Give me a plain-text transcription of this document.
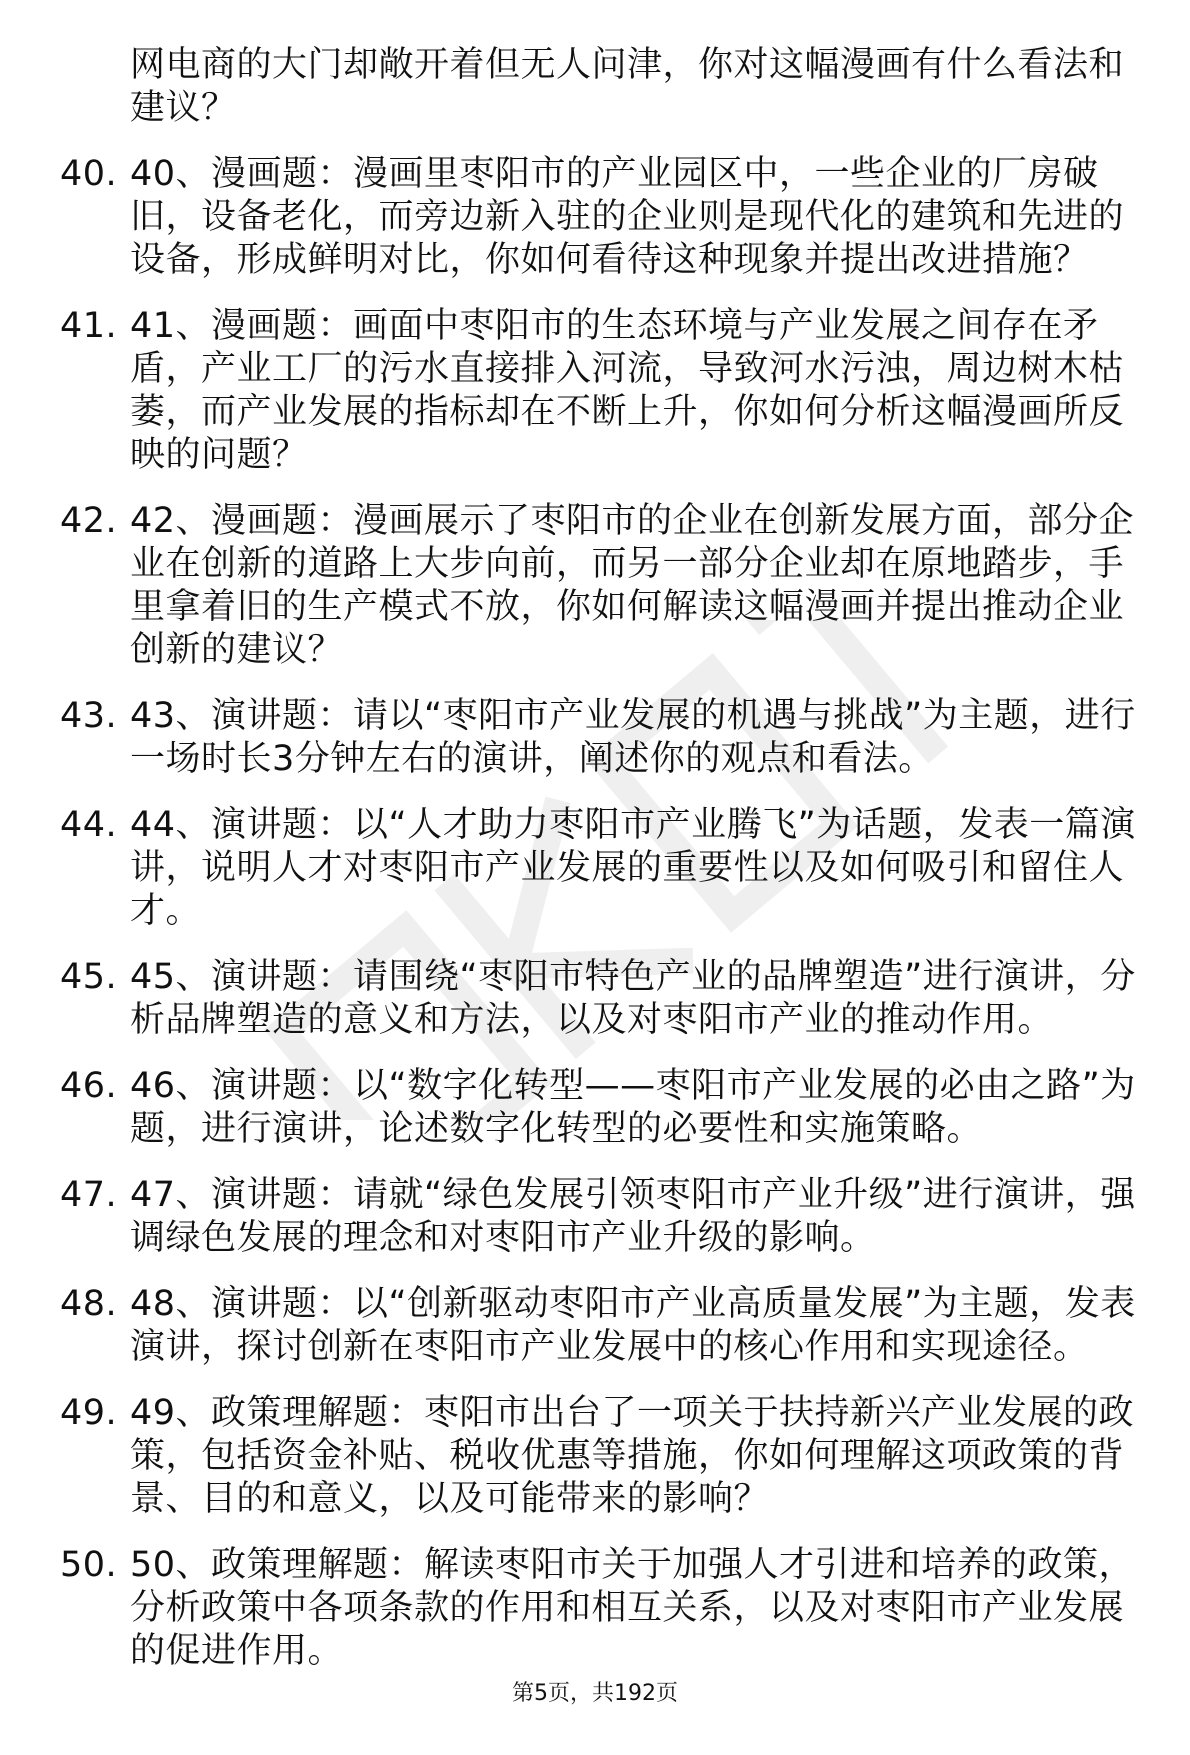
网电商的大门却敞开着但无人问津，你对这幅漫画有什么看法和建议？

40. 40、漫画题：漫画里枣阳市的产业园区中，一些企业的厂房破旧，设备老化，而旁边新入驻的企业则是现代化的建筑和先进的设备，形成鲜明对比，你如何看待这种现象并提出改进措施？
41. 41、漫画题：画面中枣阳市的生态环境与产业发展之间存在矛盾，产业工厂的污水直接排入河流，导致河水污浊，周边树木枯萎，而产业发展的指标却在不断上升，你如何分析这幅漫画所反映的问题？
42. 42、漫画题：漫画展示了枣阳市的企业在创新发展方面，部分企业在创新的道路上大步向前，而另一部分企业却在原地踏步，手里拿着旧的生产模式不放，你如何解读这幅漫画并提出推动企业创新的建议？
43. 43、演讲题：请以“枣阳市产业发展的机遇与挑战”为主题，进行一场时长3分钟左右的演讲，阐述你的观点和看法。
44. 44、演讲题：以“人才助力枣阳市产业腾飞”为话题，发表一篇演讲，说明人才对枣阳市产业发展的重要性以及如何吸引和留住人才。
45. 45、演讲题：请围绕“枣阳市特色产业的品牌塑造”进行演讲，分析品牌塑造的意义和方法，以及对枣阳市产业的推动作用。
46. 46、演讲题：以“数字化转型——枣阳市产业发展的必由之路”为题，进行演讲，论述数字化转型的必要性和实施策略。
47. 47、演讲题：请就“绿色发展引领枣阳市产业升级”进行演讲，强调绿色发展的理念和对枣阳市产业升级的影响。
48. 48、演讲题：以“创新驱动枣阳市产业高质量发展”为主题，发表演讲，探讨创新在枣阳市产业发展中的核心作用和实现途径。
49. 49、政策理解题：枣阳市出台了一项关于扶持新兴产业发展的政策，包括资金补贴、税收优惠等措施，你如何理解这项政策的背景、目的和意义，以及可能带来的影响？
50. 50、政策理解题：解读枣阳市关于加强人才引进和培养的政策，分析政策中各项条款的作用和相互关系，以及对枣阳市产业发展的促进作用。
第5页，共192页
